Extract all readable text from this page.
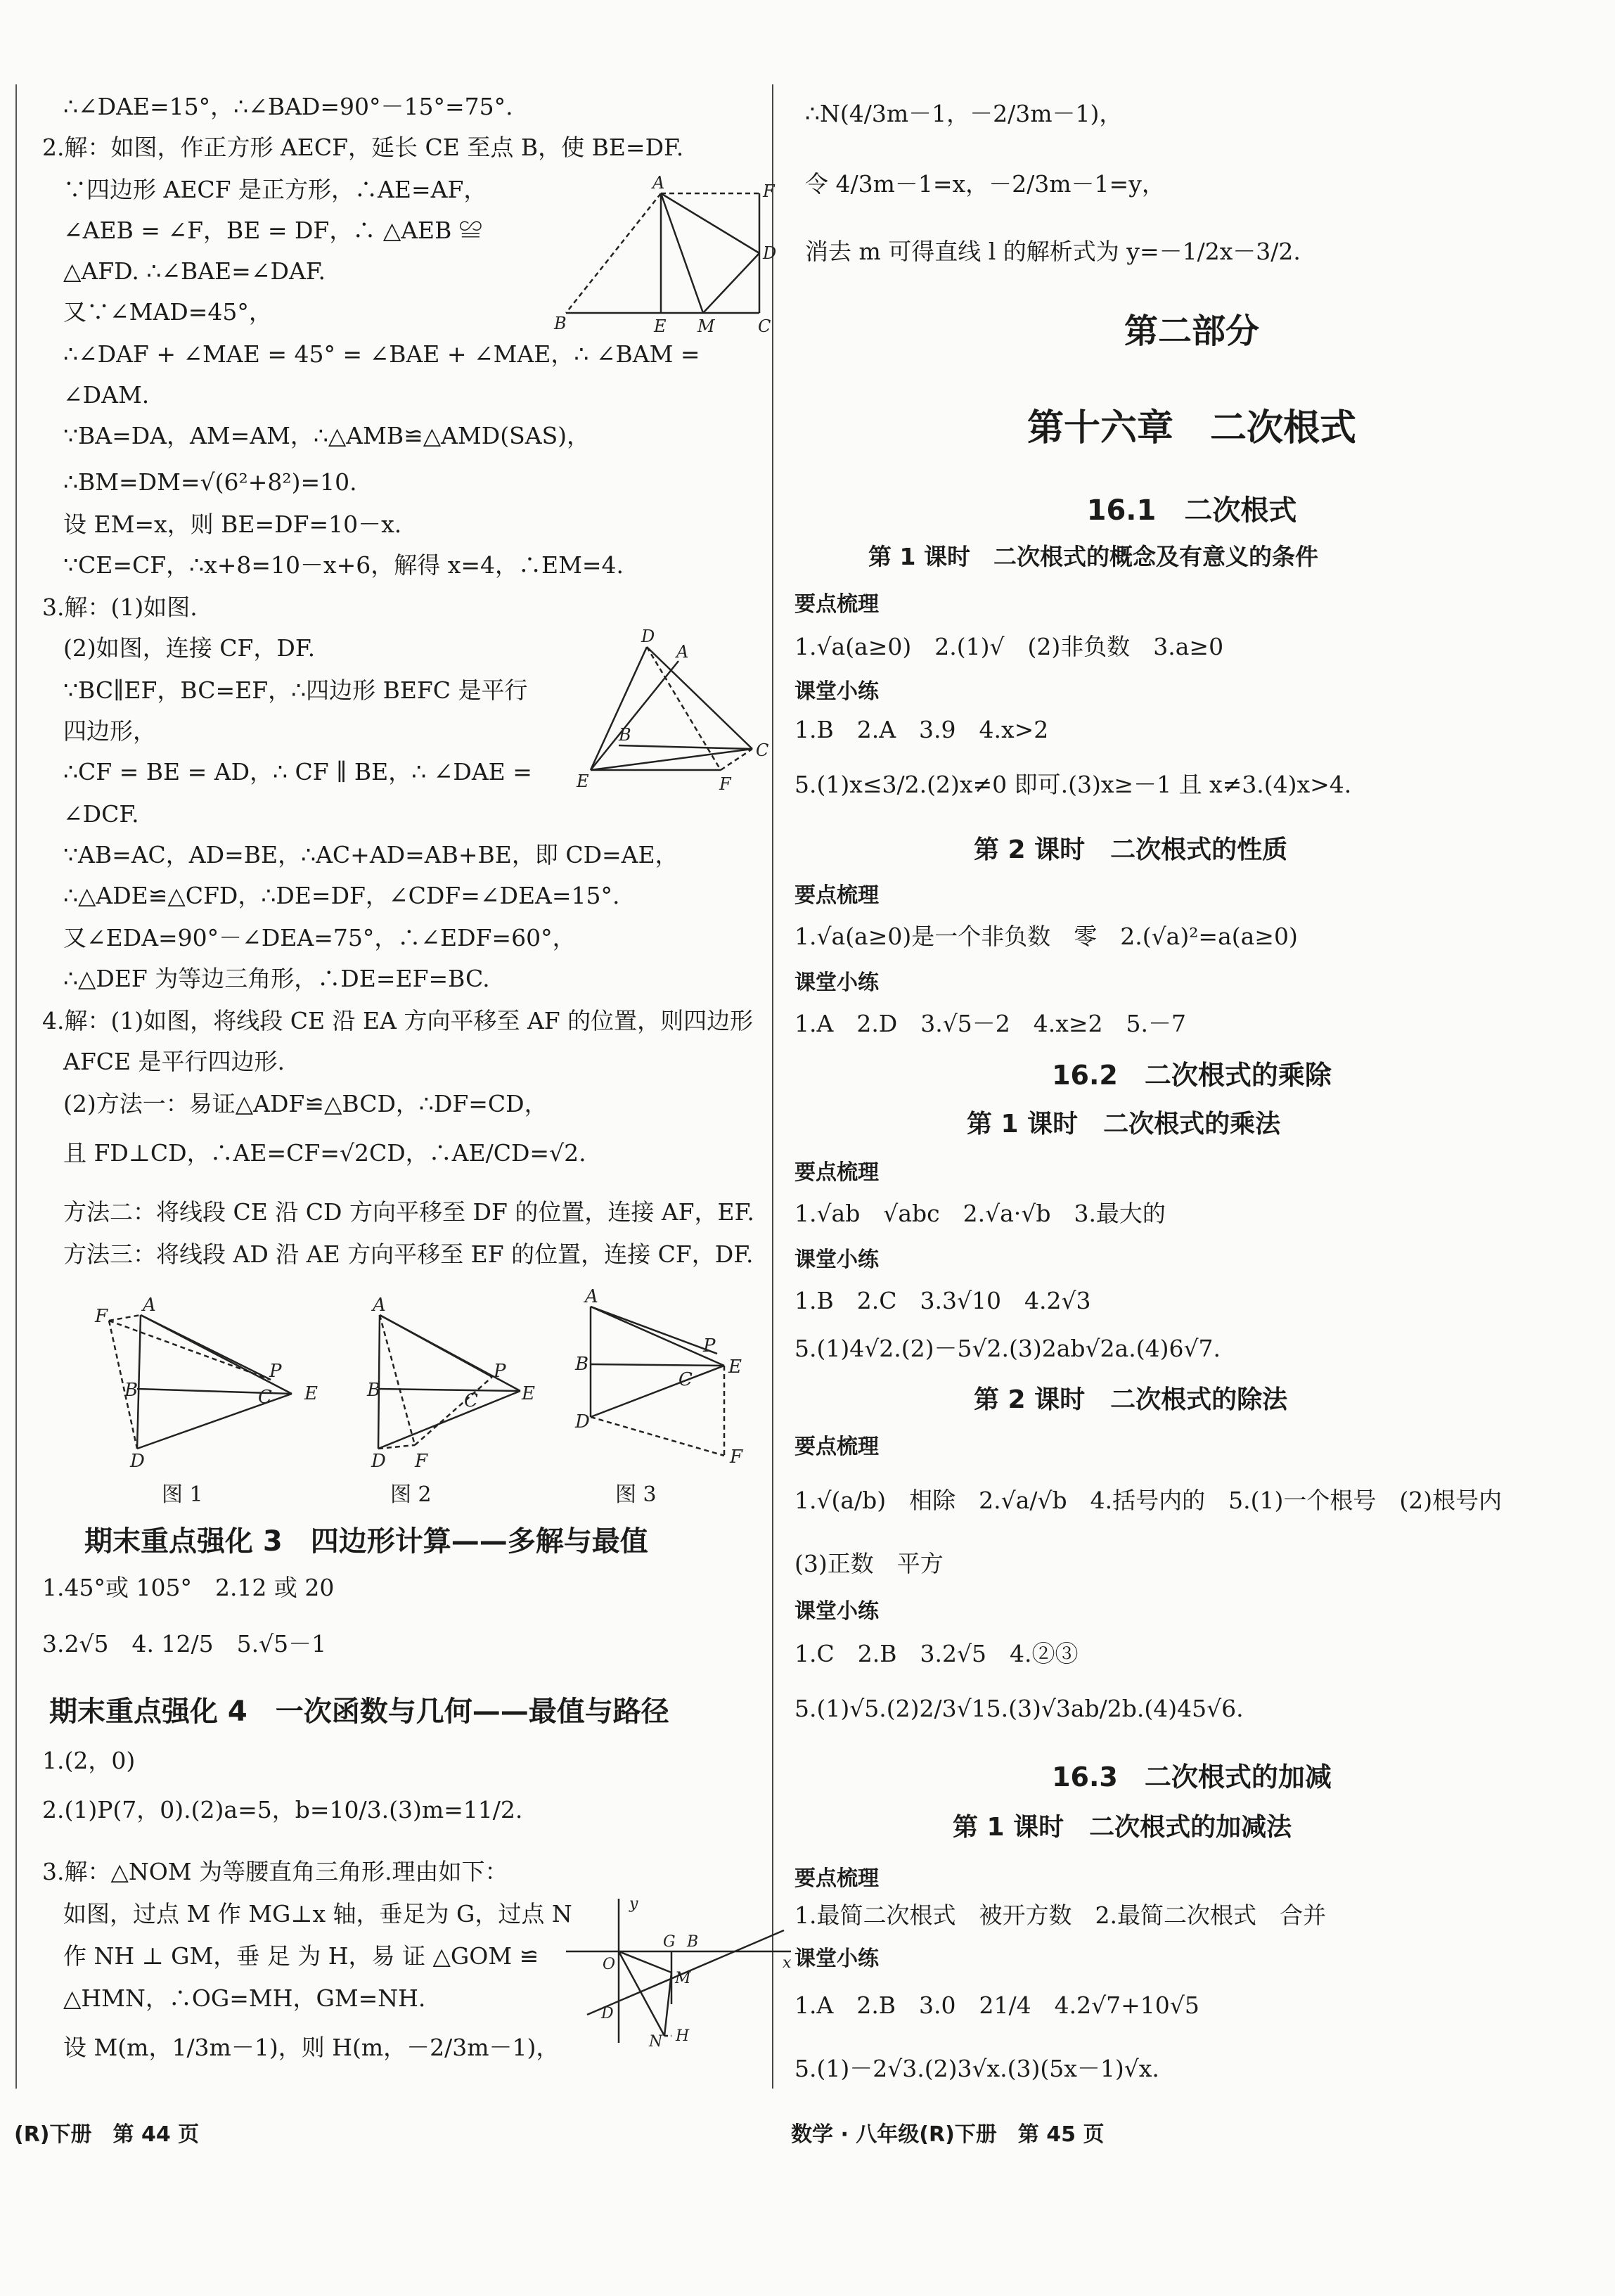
∴∠DAE=15°，∴∠BAD=90°－15°=75°.
2.解：如图，作正方形 AECF，延长 CE 至点 B，使 BE=DF.
∵四边形 AECF 是正方形，∴AE=AF，
∠AEB = ∠F，BE = DF，∴ △AEB ≌
△AFD. ∴∠BAE=∠DAF.
又∵∠MAD=45°，
∴∠DAF + ∠MAE = 45° = ∠BAE + ∠MAE，∴ ∠BAM =
∠DAM.
∵BA=DA，AM=AM，∴△AMB≌△AMD(SAS)，
∴BM=DM=√(6²+8²)=10.
设 EM=x，则 BE=DF=10－x.
∵CE=CF，∴x+8=10－x+6，解得 x=4，∴EM=4.
3.解：(1)如图.
(2)如图，连接 CF，DF.
∵BC∥EF，BC=EF，∴四边形 BEFC 是平行
四边形，
∴CF = BE = AD，∴ CF ∥ BE，∴ ∠DAE =
∠DCF.
∵AB=AC，AD=BE，∴AC+AD=AB+BE，即 CD=AE，
∴△ADE≌△CFD，∴DE=DF，∠CDF=∠DEA=15°.
又∠EDA=90°－∠DEA=75°，∴∠EDF=60°，
∴△DEF 为等边三角形，∴DE=EF=BC.
4.解：(1)如图，将线段 CE 沿 EA 方向平移至 AF 的位置，则四边形
AFCE 是平行四边形.
(2)方法一：易证△ADF≌△BCD，∴DF=CD，
且 FD⊥CD，∴AE=CF=√2CD，∴AE/CD=√2.
方法二：将线段 CE 沿 CD 方向平移至 DF 的位置，连接 AF，EF.
方法三：将线段 AD 沿 AE 方向平移至 EF 的位置，连接 CF，DF.
A	F
D
B	E M	C
D
A
B
C
E	F
A
F
B	C
P
E
D
图 1
A
B	C
P
E
D F
图 2
A
B
C
P
E
D
F
图 3
期末重点强化 3　四边形计算——多解与最值
1.45°或 105°　2.12 或 20
3.2√5　4. 12/5　5.√5－1
期末重点强化 4　一次函数与几何——最值与路径
1.(2，0)
2.(1)P(7，0).(2)a=5，b=10/3.(3)m=11/2.
3.解：△NOM 为等腰直角三角形.理由如下：
如图，过点 M 作 MG⊥x 轴，垂足为 G，过点 N
作 NH ⊥ GM，垂 足 为 H，易 证 △GOM ≌
△HMN，∴OG=MH，GM=NH.
设 M(m，1/3m－1)，则 H(m，－2/3m－1)，
y
x
O
G B
M
D
N H
(R)下册　第 44 页
∴N(4/3m－1，－2/3m－1)，
令 4/3m－1=x，－2/3m－1=y，
消去 m 可得直线 l 的解析式为 y=－1/2x－3/2.
第二部分
第十六章　二次根式
16.1　二次根式
第 1 课时　二次根式的概念及有意义的条件
要点梳理
1.√a(a≥0)　2.(1)√　(2)非负数　3.a≥0
课堂小练
1.B　2.A　3.9　4.x>2
5.(1)x≤3/2.(2)x≠0 即可.(3)x≥－1 且 x≠3.(4)x>4.
第 2 课时　二次根式的性质
要点梳理
1.√a(a≥0)是一个非负数　零　2.(√a)²=a(a≥0)
课堂小练
1.A　2.D　3.√5－2　4.x≥2　5.－7
16.2　二次根式的乘除
第 1 课时　二次根式的乘法
要点梳理
1.√ab　√abc　2.√a·√b　3.最大的
课堂小练
1.B　2.C　3.3√10　4.2√3
5.(1)4√2.(2)－5√2.(3)2ab√2a.(4)6√7.
第 2 课时　二次根式的除法
要点梳理
1.√(a/b)　相除　2.√a/√b　4.括号内的　5.(1)一个根号　(2)根号内
(3)正数　平方
课堂小练
1.C　2.B　3.2√5　4.②③
5.(1)√5.(2)2/3√15.(3)√3ab/2b.(4)45√6.
16.3　二次根式的加减
第 1 课时　二次根式的加减法
要点梳理
1.最简二次根式　被开方数　2.最简二次根式　合并
课堂小练
1.A　2.B　3.0　21/4　4.2√7+10√5
5.(1)－2√3.(2)3√x.(3)(5x－1)√x.
数学 · 八年级(R)下册　第 45 页
